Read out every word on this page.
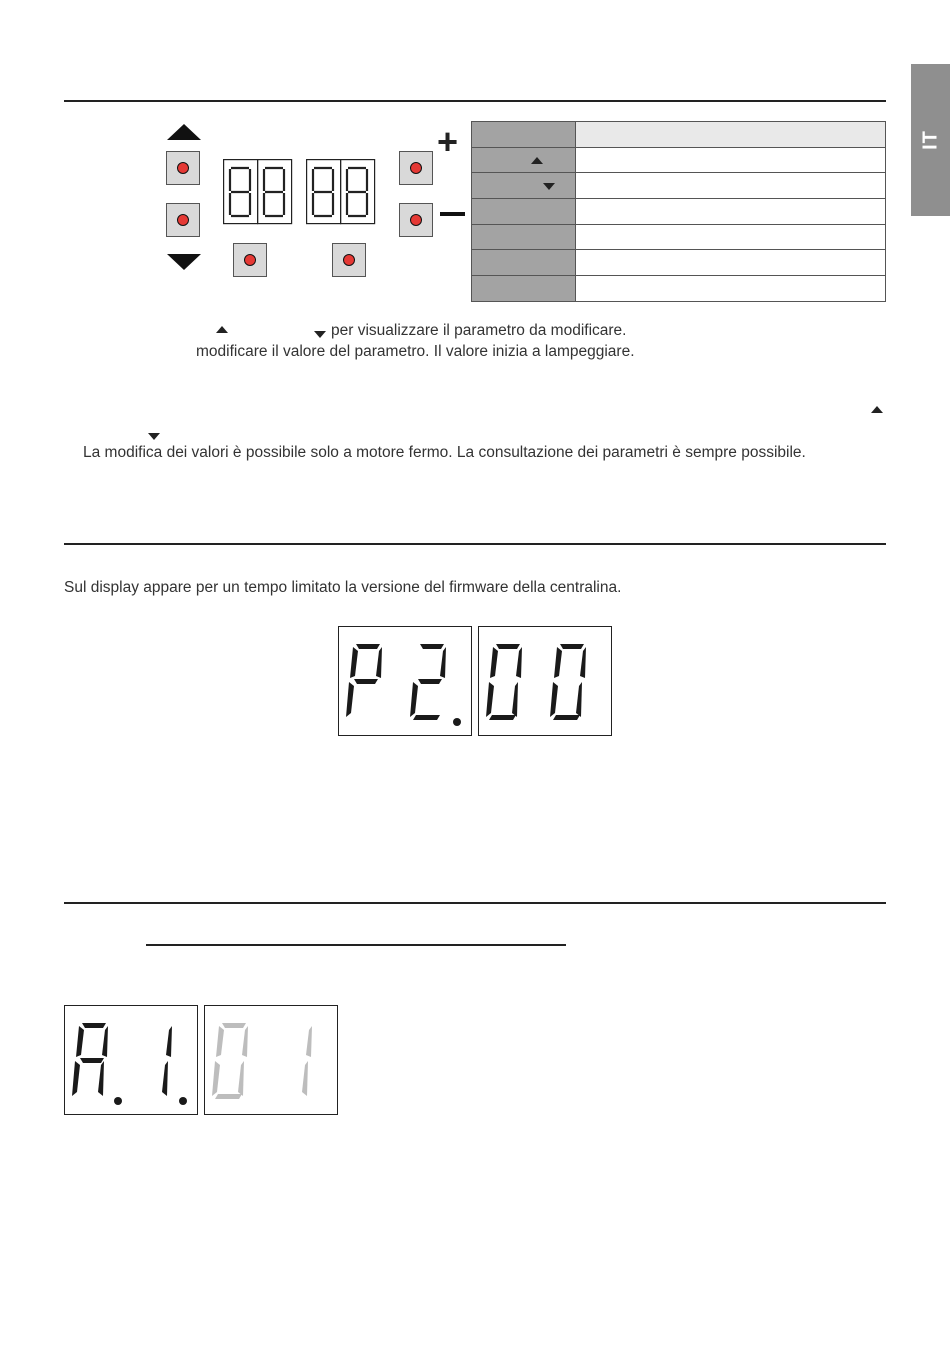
IT
+

per visualizzare il parametro da modificare.
modificare il valore del parametro. Il valore inizia a lampeggiare.
La modifica dei valori è possibile solo a motore fermo. La consultazione dei parametri è sempre possibile.
Sul display appare per un tempo limitato la versione del firmware della centralina.
